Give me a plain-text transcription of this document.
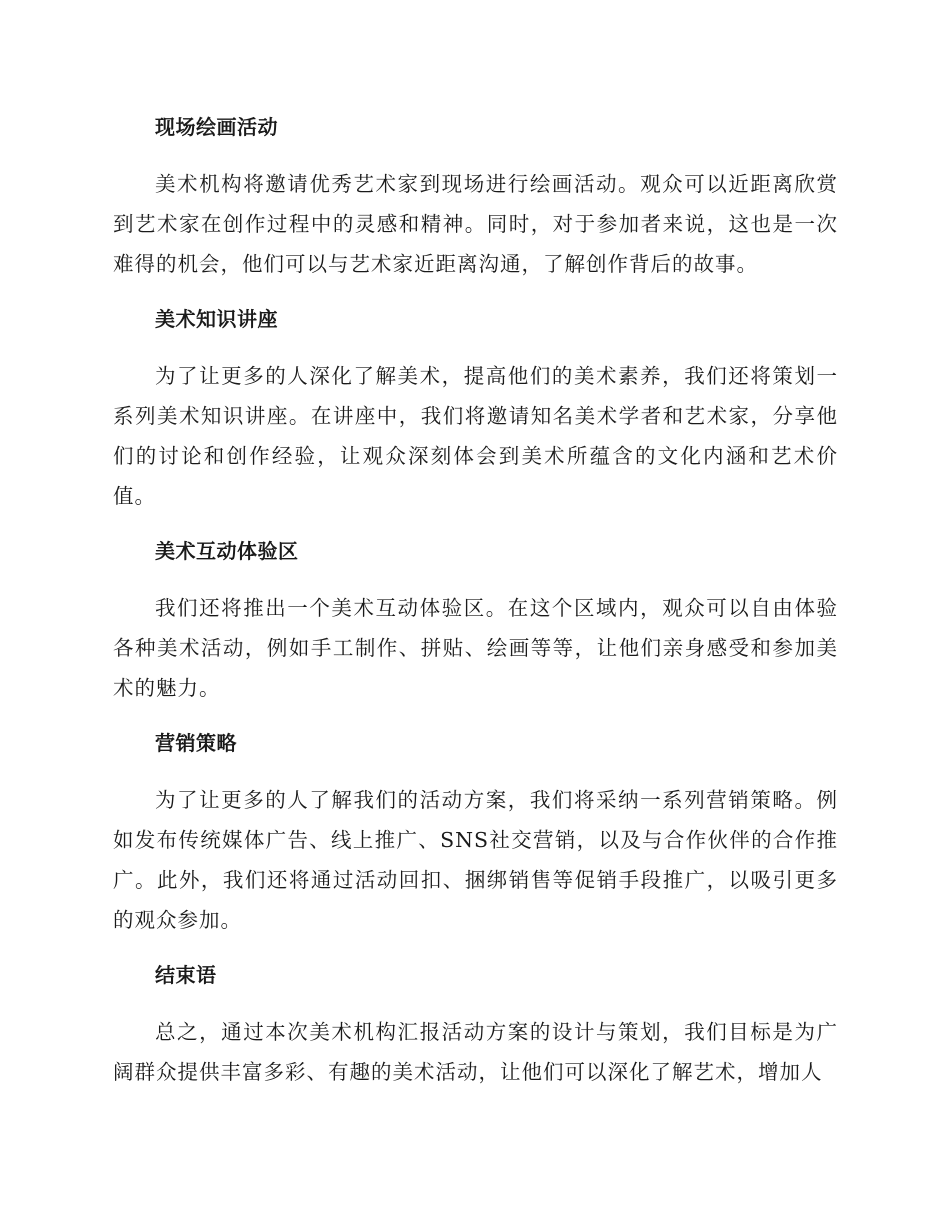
现场绘画活动

美术机构将邀请优秀艺术家到现场进行绘画活动。观众可以近距离欣赏到艺术家在创作过程中的灵感和精神。同时，对于参加者来说，这也是一次难得的机会，他们可以与艺术家近距离沟通，了解创作背后的故事。

美术知识讲座

为了让更多的人深化了解美术，提高他们的美术素养，我们还将策划一系列美术知识讲座。在讲座中，我们将邀请知名美术学者和艺术家，分享他们的讨论和创作经验，让观众深刻体会到美术所蕴含的文化内涵和艺术价值。

美术互动体验区

我们还将推出一个美术互动体验区。在这个区域内，观众可以自由体验各种美术活动，例如手工制作、拼贴、绘画等等，让他们亲身感受和参加美术的魅力。

营销策略

为了让更多的人了解我们的活动方案，我们将采纳一系列营销策略。例如发布传统媒体广告、线上推广、SNS社交营销，以及与合作伙伴的合作推广。此外，我们还将通过活动回扣、捆绑销售等促销手段推广，以吸引更多的观众参加。

结束语

总之，通过本次美术机构汇报活动方案的设计与策划，我们目标是为广阔群众提供丰富多彩、有趣的美术活动，让他们可以深化了解艺术，增加人
